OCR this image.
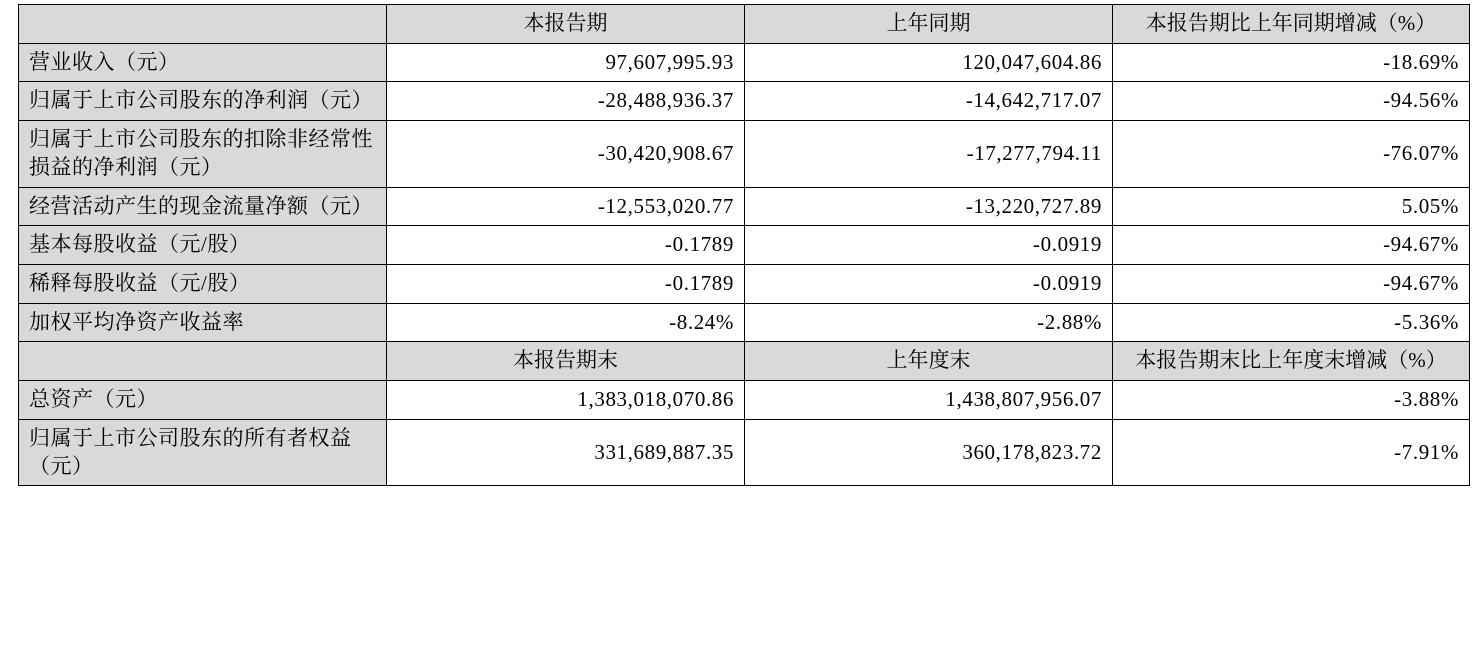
	本报告期	上年同期	本报告期比上年同期增减（%）
营业收入（元）	97,607,995.93	120,047,604.86	-18.69%
归属于上市公司股东的净利润（元）	-28,488,936.37	-14,642,717.07	-94.56%
归属于上市公司股东的扣除非经常性损益的净利润（元）	-30,420,908.67	-17,277,794.11	-76.07%
经营活动产生的现金流量净额（元）	-12,553,020.77	-13,220,727.89	5.05%
基本每股收益（元/股）	-0.1789	-0.0919	-94.67%
稀释每股收益（元/股）	-0.1789	-0.0919	-94.67%
加权平均净资产收益率	-8.24%	-2.88%	-5.36%
	本报告期末	上年度末	本报告期末比上年度末增减（%）
总资产（元）	1,383,018,070.86	1,438,807,956.07	-3.88%
归属于上市公司股东的所有者权益（元）	331,689,887.35	360,178,823.72	-7.91%
